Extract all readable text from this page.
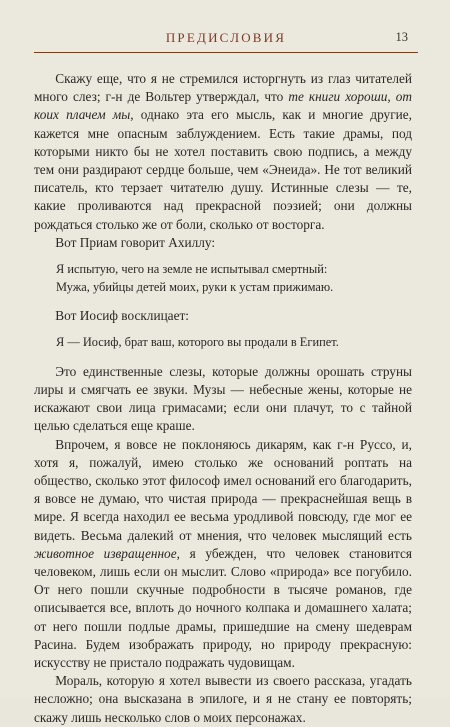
ПРЕДИСЛОВИЯ	13

Скажу еще, что я не стремился исторгнуть из глаз читателей много слез; г-н де Вольтер утверждал, что те книги хороши, от коих плачем мы, однако эта его мысль, как и многие другие, кажется мне опасным заблуждением. Есть такие драмы, под которыми никто бы не хотел поставить свою подпись, а между тем они раздирают сердце больше, чем «Энеида». Не тот великий писатель, кто терзает читателю душу. Истинные слезы — те, какие проливаются над прекрасной поэзией; они должны рождаться столько же от боли, сколько от восторга.

Вот Приам говорит Ахиллу:

Я испытую, чего на земле не испытывал смертный:
Мужа, убийцы детей моих, руки к устам прижимаю.

Вот Иосиф восклицает:

Я — Иосиф, брат ваш, которого вы продали в Египет.

Это единственные слезы, которые должны орошать струны лиры и смягчать ее звуки. Музы — небесные жены, которые не искажают свои лица гримасами; если они плачут, то с тайной целью сделаться еще краше.

Впрочем, я вовсе не поклоняюсь дикарям, как г-н Руссо, и, хотя я, пожалуй, имею столько же оснований роптать на общество, сколько этот философ имел оснований его благодарить, я вовсе не думаю, что чистая природа — прекраснейшая вещь в мире. Я всегда находил ее весьма уродливой повсюду, где мог ее видеть. Весьма далекий от мнения, что человек мыслящий есть животное извращенное, я убежден, что человек становится человеком, лишь если он мыслит. Слово «природа» все погубило. От него пошли скучные подробности в тысяче романов, где описывается все, вплоть до ночного колпака и домашнего халата; от него пошли подлые драмы, пришедшие на смену шедеврам Расина. Будем изображать природу, но природу прекрасную: искусству не пристало подражать чудовищам.

Мораль, которую я хотел вывести из своего рассказа, угадать несложно; она высказана в эпилоге, и я не стану ее повторять; скажу лишь несколько слов о моих персонажах.
